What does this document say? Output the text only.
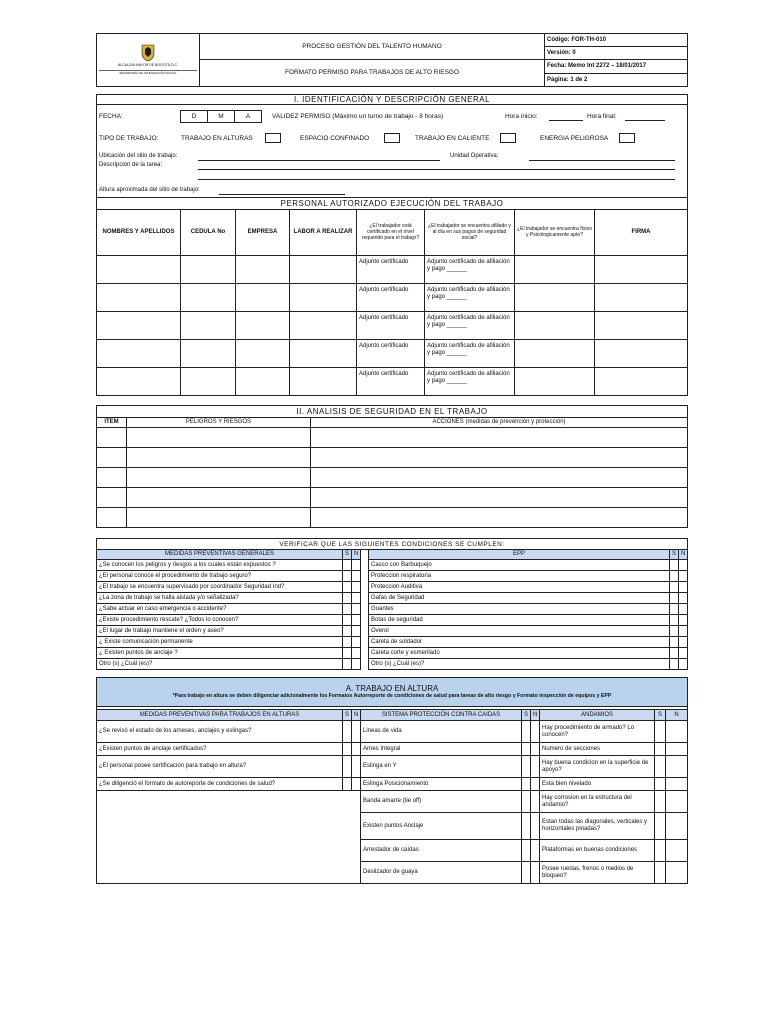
ALCALDÍA MAYOR DE BOGOTÁ D.C.
SECRETARÍA DE INTEGRACIÓN SOCIAL	PROCESO GESTIÓN DEL TALENTO HUMANO	Código: FOR-TH-010
		Versión: 0
	FORMATO PERMISO PARA TRABAJOS DE ALTO RIESGO	Fecha: Memo Int 2272 – 18/01/2017
		Página: 1 de 2
I. IDENTIFICACIÓN Y DESCRIPCIÓN GENERAL
FECHA:	D	M	A	VALIDEZ PERMISO (Máximo un turno de trabajo - 8 horas)	Hora inicio:	Hora final:
TIPO DE TRABAJO:	TRABAJO EN ALTURAS	ESPACIO CONFINADO	TRABAJO EN CALIENTE	ENERGIA PELIGROSA
Ubicación del sitio de trabajo:	Unidad Operativa:
Descripción de la tarea:
Altura aproximada del sitio de trabajo:
PERSONAL AUTORIZADO EJECUCIÓN DEL TRABAJO							
NOMBRES Y APELLIDOS	CEDULA No	EMPRESA	LABOR A REALIZAR	¿El trabajador está certificado en el nivel requerido para el trabajo?	¿El trabajador se encuentra afiliado y al día en sus pagos de seguridad social?	¿El trabajador se encuentra físico y Psicologicamente apto?	FIRMA
				Adjunto certificado	Adjunto certificado de afiliación y pago ______		
				Adjunto certificado	Adjunto certificado de afiliación y pago ______		
				Adjunto certificado	Adjunto certificado de afiliación y pago ______		
				Adjunto certificado	Adjunto certificado de afiliación y pago ______		
				Adjunto certificado	Adjunto certificado de afiliación y pago ______		
II. ANALISIS DE SEGURIDAD EN EL TRABAJO		
ITEM	PELIGROS Y RIESGOS	ACCIONES (medidas de prevención y protección)

VERIFICAR QUE LAS SIGUIENTES CONDICIONES SE CUMPLEN:						
MEDIDAS PREVENTIVAS GENERALES	S	N		EPP	S	N
¿Se conocen los peligros y riesgos a los cuales están expuestos ?				Casco con Barbuquejo		
¿El personal conoce el procedimiento de trabajo seguro?				Proteccion respiratoria		
¿El trabajo se encuentra supervisado por coordinador Seguridad Ind?				Proteccion Auditiva		
¿La zona de trabajo se halla aislada y/o señalizada?				Gafas de Seguridad		
¿Sabe actuar en caso emergencia o accidente?				Guantes		
¿Existe procedimiento rescate? ¿Todos lo conocen?				Botas de seguridad		
¿El lugar de trabajo mantiene el orden y aseo?				Overol		
¿ Existe comunicación permanente				Careta de soldador		
¿ Existen puntos de anclaje ?				Careta corte y esmerilado		
Otro (s) ¿Cuál (es)?				Otro (s) ¿Cuál (es)?		
A. TRABAJO EN ALTURA
*Para trabajo en altura se deben diligenciar adicionalmente los Formatos Autorreporte de condiciones de salud para tareas de alto riesgo y Formato inspección de equipos y EPP								

MEDIDAS PREVENTIVAS PARA TRABAJOS EN ALTURAS	S	N	SISTEMA PROTECCIÓN CONTRA CAIDAS	S	N	ANDAMIOS	S	N
¿Se revisó el estado de los arneses, anclajes y eslingas?			Lineas de vida			Hay procedimiento de armado? Lo conocen?		
¿Existen puntos de anclaje certificados?			Arnes Integral			Numero de secciones		
¿El personal posee certificación para trabajo en altura?			Eslinga en Y			Hay buena condicion en la superficie de apoyo?		
¿Se diligenció el formato de autoreporte de condiciones de salud?			Eslinga Posicionamiento			Esta bien nivelado		
			Banda amarre (tie off)			Hay corrosion en la estructura del andamio?		
			Existen puntos Anclaje			Estan todas las diagonales, verticales y horizontales pinadas?		
			Arrestador de caídas			Plataformas en buenas condiciones		
			Deslizador de guaya			Posee ruedas, frenos o medios de bloqueo?		
